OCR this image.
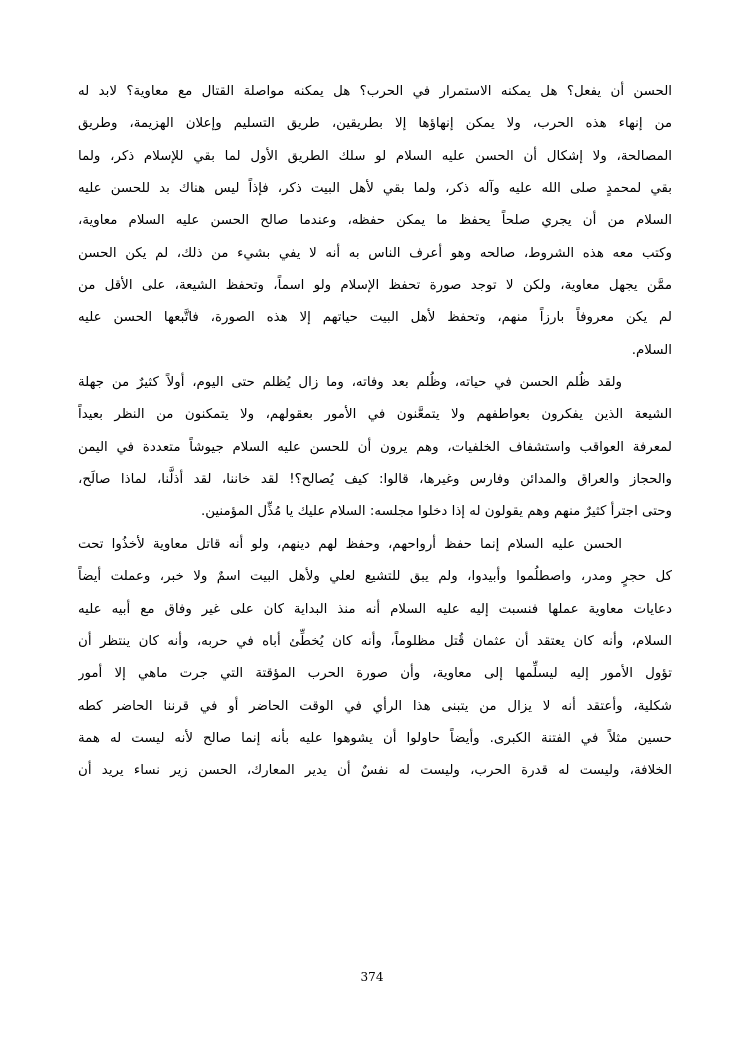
الحسن أن يفعل؟ هل يمكنه الاستمرار في الحرب؟ هل يمكنه مواصلة القتال مع معاوية؟ لابد له
من إنهاء هذه الحرب، ولا يمكن إنهاؤها إلا بطريقين، طريق التسليم وإعلان الهزيمة، وطريق
المصالحة، ولا إشكال أن الحسن عليه السلام لو سلك الطريق الأول لما بقي للإسلام ذكر، ولما
بقي لمحمدٍ صلى الله عليه وآله ذكر، ولما بقي لأهل البيت ذكر، فإذاً ليس هناك بد للحسن عليه
السلام من أن يجري صلحاً يحفظ ما يمكن حفظه، وعندما صالح الحسن عليه السلام معاوية،
وكتب معه هذه الشروط، صالحه وهو أعرف الناس به أنه لا يفي بشيء من ذلك، لم يكن الحسن
ممَّن يجهل معاوية، ولكن لا توجد صورة تحفظ الإسلام ولو اسماً، وتحفظ الشيعة، على الأقل من
لم يكن معروفاً بارزاً منهم، وتحفظ لأهل البيت حياتهم إلا هذه الصورة، فاتَّبعها الحسن عليه
السلام.
ولقد ظُلم الحسن في حياته، وظُلم بعد وفاته، وما زال يُظلم حتى اليوم، أولاً كثيرٌ من جهلة
الشيعة الذين يفكرون بعواطفهم ولا يتمعَّنون في الأمور بعقولهم، ولا يتمكنون من النظر بعيداً
لمعرفة العواقب واستشفاف الخلفيات، وهم يرون أن للحسن عليه السلام جيوشاً متعددة في اليمن
والحجاز والعراق والمدائن وفارس وغيرها، قالوا: كيف يُصالح؟! لقد خاننا، لقد أذلَّنا، لماذا صالَح،
وحتى اجترأ كثيرٌ منهم وهم يقولون له إذا دخلوا مجلسه: السلام عليك يا مُذِّل المؤمنين.
الحسن عليه السلام إنما حفظ أرواحهم، وحفظ لهم دينهم، ولو أنه قاتل معاوية لأخذُوا تحت
كل حجرٍ ومدر، واصطلُموا وأبيدوا، ولم يبق للتشيع لعلي ولأهل البيت اسمٌ ولا خبر، وعملت أيضاً
دعايات معاوية عملها فنسبت إليه عليه السلام أنه منذ البداية كان على غير وفاق مع أبيه عليه
السلام، وأنه كان يعتقد أن عثمان قُتل مظلوماً، وأنه كان يُخطِّئ أباه في حربه، وأنه كان ينتظر أن
تؤول الأمور إليه ليسلِّمها إلى معاوية، وأن صورة الحرب المؤقتة التي جرت ماهي إلا أمور
شكلية، وأعتقد أنه لا يزال من يتبنى هذا الرأي في الوقت الحاضر أو في قرننا الحاضر كطه
حسين مثلاً في الفتنة الكبرى. وأيضاً حاولوا أن يشوهوا عليه بأنه إنما صالح لأنه ليست له همة
الخلافة، وليست له قدرة الحرب، وليست له نفسٌ أن يدير المعارك، الحسن زير نساء يريد أن
374
